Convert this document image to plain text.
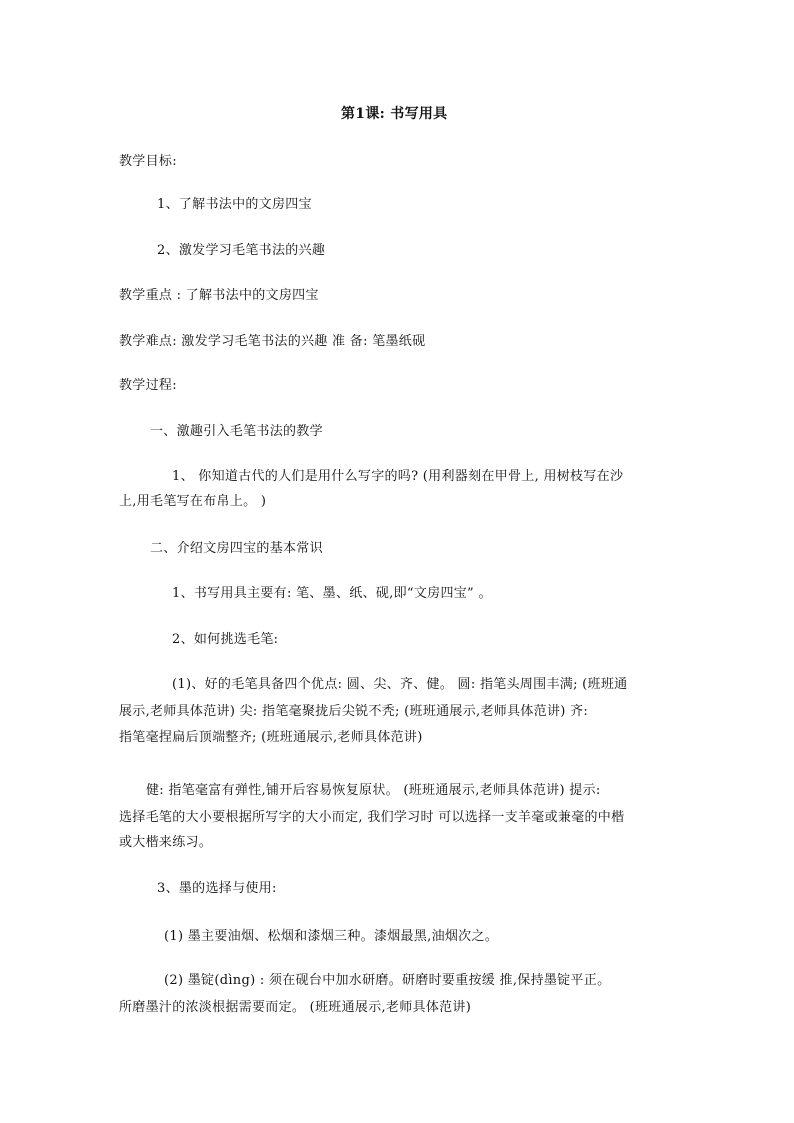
第1课: 书写用具
教学目标:
1、了解书法中的文房四宝
2、激发学习毛笔书法的兴趣
教学重点 : 了解书法中的文房四宝
教学难点: 激发学习毛笔书法的兴趣 准 备: 笔墨纸砚
教学过程:
一、激趣引入毛笔书法的教学
1、 你知道古代的人们是用什么写字的吗? (用利器刻在甲骨上, 用树枝写在沙
上,用毛笔写在布帛上。 )
二、介绍文房四宝的基本常识
1、书写用具主要有: 笔、墨、纸、砚,即“文房四宝” 。
2、如何挑选毛笔:
(1)、好的毛笔具备四个优点: 圆、尖、齐、健。 圆: 指笔头周围丰满; (班班通
展示,老师具体范讲) 尖: 指笔毫聚拢后尖锐不秃; (班班通展示,老师具体范讲) 齐:
指笔毫捏扁后顶端整齐; (班班通展示,老师具体范讲)
健: 指笔毫富有弹性,铺开后容易恢复原状。 (班班通展示,老师具体范讲) 提示:
选择毛笔的大小要根据所写字的大小而定, 我们学习时 可以选择一支羊毫或兼毫的中楷
或大楷来练习。
3、墨的选择与使用:
(1) 墨主要油烟、松烟和漆烟三种。漆烟最黑,油烟次之。
(2) 墨锭(dìng) : 须在砚台中加水研磨。研磨时要重按缓 推,保持墨锭平正。
所磨墨汁的浓淡根据需要而定。 (班班通展示,老师具体范讲)
